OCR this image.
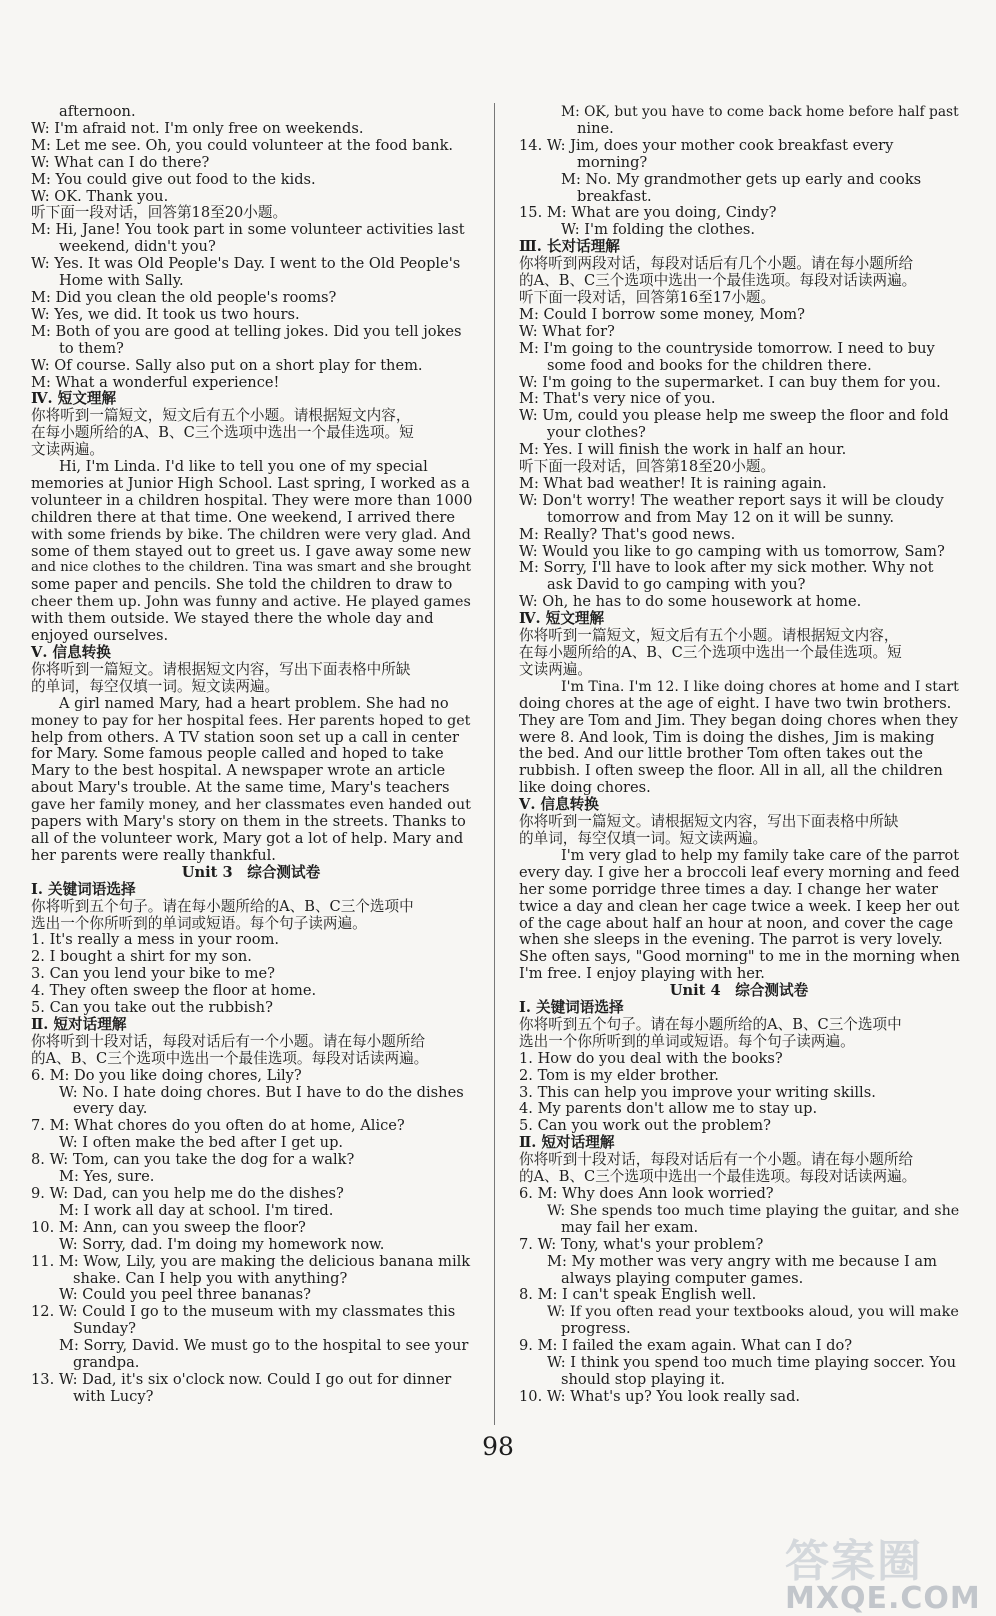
afternoon.
W: I'm afraid not. I'm only free on weekends.
M: Let me see. Oh, you could volunteer at the food bank.
W: What can I do there?
M: You could give out food to the kids.
W: OK. Thank you.
听下面一段对话，回答第18至20小题。
M: Hi, Jane! You took part in some volunteer activities last
weekend, didn't you?
W: Yes. It was Old People's Day. I went to the Old People's
Home with Sally.
M: Did you clean the old people's rooms?
W: Yes, we did. It took us two hours.
M: Both of you are good at telling jokes. Did you tell jokes
to them?
W: Of course. Sally also put on a short play for them.
M: What a wonderful experience!
Ⅳ. 短文理解
你将听到一篇短文，短文后有五个小题。请根据短文内容，
在每小题所给的A、B、C三个选项中选出一个最佳选项。短
文读两遍。
Hi, I'm Linda. I'd like to tell you one of my special
memories at Junior High School. Last spring, I worked as a
volunteer in a children hospital. They were more than 1000
children there at that time. One weekend, I arrived there
with some friends by bike. The children were very glad. And
some of them stayed out to greet us. I gave away some new
and nice clothes to the children. Tina was smart and she brought
some paper and pencils. She told the children to draw to
cheer them up. John was funny and active. He played games
with them outside. We stayed there the whole day and
enjoyed ourselves.
Ⅴ. 信息转换
你将听到一篇短文。请根据短文内容，写出下面表格中所缺
的单词，每空仅填一词。短文读两遍。
A girl named Mary, had a heart problem. She had no
money to pay for her hospital fees. Her parents hoped to get
help from others. A TV station soon set up a call in center
for Mary. Some famous people called and hoped to take
Mary to the best hospital. A newspaper wrote an article
about Mary's trouble. At the same time, Mary's teachers
gave her family money, and her classmates even handed out
papers with Mary's story on them in the streets. Thanks to
all of the volunteer work, Mary got a lot of help. Mary and
her parents were really thankful.
Unit 3　综合测试卷
Ⅰ. 关键词语选择
你将听到五个句子。请在每小题所给的A、B、C三个选项中
选出一个你所听到的单词或短语。每个句子读两遍。
1. It's really a mess in your room.
2. I bought a shirt for my son.
3. Can you lend your bike to me?
4. They often sweep the floor at home.
5. Can you take out the rubbish?
Ⅱ. 短对话理解
你将听到十段对话，每段对话后有一个小题。请在每小题所给
的A、B、C三个选项中选出一个最佳选项。每段对话读两遍。
6. M: Do you like doing chores, Lily?
W: No. I hate doing chores. But I have to do the dishes
every day.
7. M: What chores do you often do at home, Alice?
W: I often make the bed after I get up.
8. W: Tom, can you take the dog for a walk?
M: Yes, sure.
9. W: Dad, can you help me do the dishes?
M: I work all day at school. I'm tired.
10. M: Ann, can you sweep the floor?
W: Sorry, dad. I'm doing my homework now.
11. M: Wow, Lily, you are making the delicious banana milk
shake. Can I help you with anything?
W: Could you peel three bananas?
12. W: Could I go to the museum with my classmates this
Sunday?
M: Sorry, David. We must go to the hospital to see your
grandpa.
13. W: Dad, it's six o'clock now. Could I go out for dinner
with Lucy?
M: OK, but you have to come back home before half past
nine.
14. W: Jim, does your mother cook breakfast every
morning?
M: No. My grandmother gets up early and cooks
breakfast.
15. M: What are you doing, Cindy?
W: I'm folding the clothes.
Ⅲ. 长对话理解
你将听到两段对话，每段对话后有几个小题。请在每小题所给
的A、B、C三个选项中选出一个最佳选项。每段对话读两遍。
听下面一段对话，回答第16至17小题。
M: Could I borrow some money, Mom?
W: What for?
M: I'm going to the countryside tomorrow. I need to buy
some food and books for the children there.
W: I'm going to the supermarket. I can buy them for you.
M: That's very nice of you.
W: Um, could you please help me sweep the floor and fold
your clothes?
M: Yes. I will finish the work in half an hour.
听下面一段对话，回答第18至20小题。
M: What bad weather! It is raining again.
W: Don't worry! The weather report says it will be cloudy
tomorrow and from May 12 on it will be sunny.
M: Really? That's good news.
W: Would you like to go camping with us tomorrow, Sam?
M: Sorry, I'll have to look after my sick mother. Why not
ask David to go camping with you?
W: Oh, he has to do some housework at home.
Ⅳ. 短文理解
你将听到一篇短文，短文后有五个小题。请根据短文内容，
在每小题所给的A、B、C三个选项中选出一个最佳选项。短
文读两遍。
I'm Tina. I'm 12. I like doing chores at home and I start
doing chores at the age of eight. I have two twin brothers.
They are Tom and Jim. They began doing chores when they
were 8. And look, Tim is doing the dishes, Jim is making
the bed. And our little brother Tom often takes out the
rubbish. I often sweep the floor. All in all, all the children
like doing chores.
Ⅴ. 信息转换
你将听到一篇短文。请根据短文内容，写出下面表格中所缺
的单词，每空仅填一词。短文读两遍。
I'm very glad to help my family take care of the parrot
every day. I give her a broccoli leaf every morning and feed
her some porridge three times a day. I change her water
twice a day and clean her cage twice a week. I keep her out
of the cage about half an hour at noon, and cover the cage
when she sleeps in the evening. The parrot is very lovely.
She often says, "Good morning" to me in the morning when
I'm free. I enjoy playing with her.
Unit 4　综合测试卷
Ⅰ. 关键词语选择
你将听到五个句子。请在每小题所给的A、B、C三个选项中
选出一个你所听到的单词或短语。每个句子读两遍。
1. How do you deal with the books?
2. Tom is my elder brother.
3. This can help you improve your writing skills.
4. My parents don't allow me to stay up.
5. Can you work out the problem?
Ⅱ. 短对话理解
你将听到十段对话，每段对话后有一个小题。请在每小题所给
的A、B、C三个选项中选出一个最佳选项。每段对话读两遍。
6. M: Why does Ann look worried?
W: She spends too much time playing the guitar, and she
may fail her exam.
7. W: Tony, what's your problem?
M: My mother was very angry with me because I am
always playing computer games.
8. M: I can't speak English well.
W: If you often read your textbooks aloud, you will make
progress.
9. M: I failed the exam again. What can I do?
W: I think you spend too much time playing soccer. You
should stop playing it.
10. W: What's up? You look really sad.
98
答案圈
MXQE.COM
